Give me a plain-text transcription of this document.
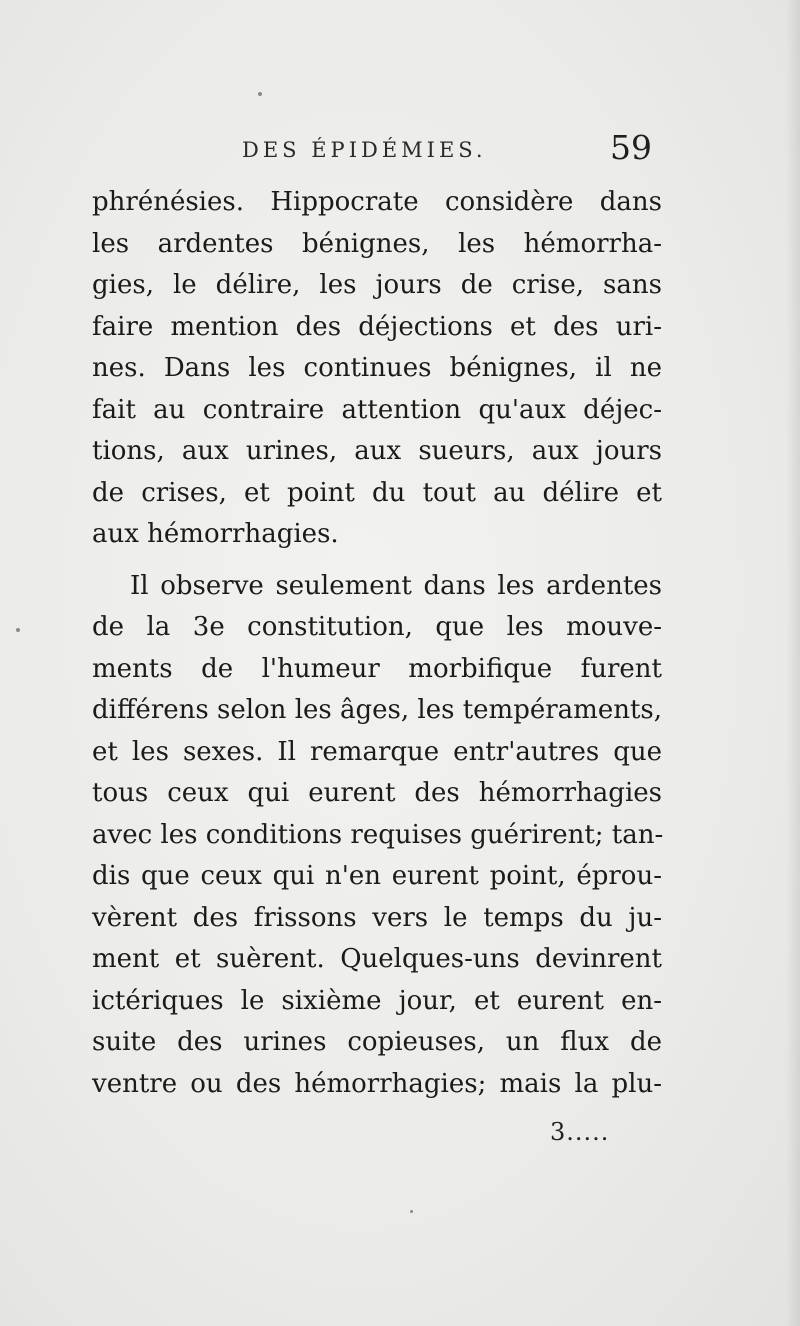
DES ÉPIDÉMIES.	59
phrénésies. Hippocrate considère dans
les ardentes bénignes, les hémorrha-
gies, le délire, les jours de crise, sans
faire mention des déjections et des uri-
nes. Dans les continues bénignes, il ne
fait au contraire attention qu'aux déjec-
tions, aux urines, aux sueurs, aux jours
de crises, et point du tout au délire et
aux hémorrhagies.
Il observe seulement dans les ardentes
de la 3e constitution, que les mouve-
ments de l'humeur morbifique furent
différens selon les âges, les tempéraments,
et les sexes. Il remarque entr'autres que
tous ceux qui eurent des hémorrhagies
avec les conditions requises guérirent; tan-
dis que ceux qui n'en eurent point, éprou-
vèrent des frissons vers le temps du ju-
ment et suèrent. Quelques-uns devinrent
ictériques le sixième jour, et eurent en-
suite des urines copieuses, un flux de
ventre ou des hémorrhagies; mais la plu-
3.....
